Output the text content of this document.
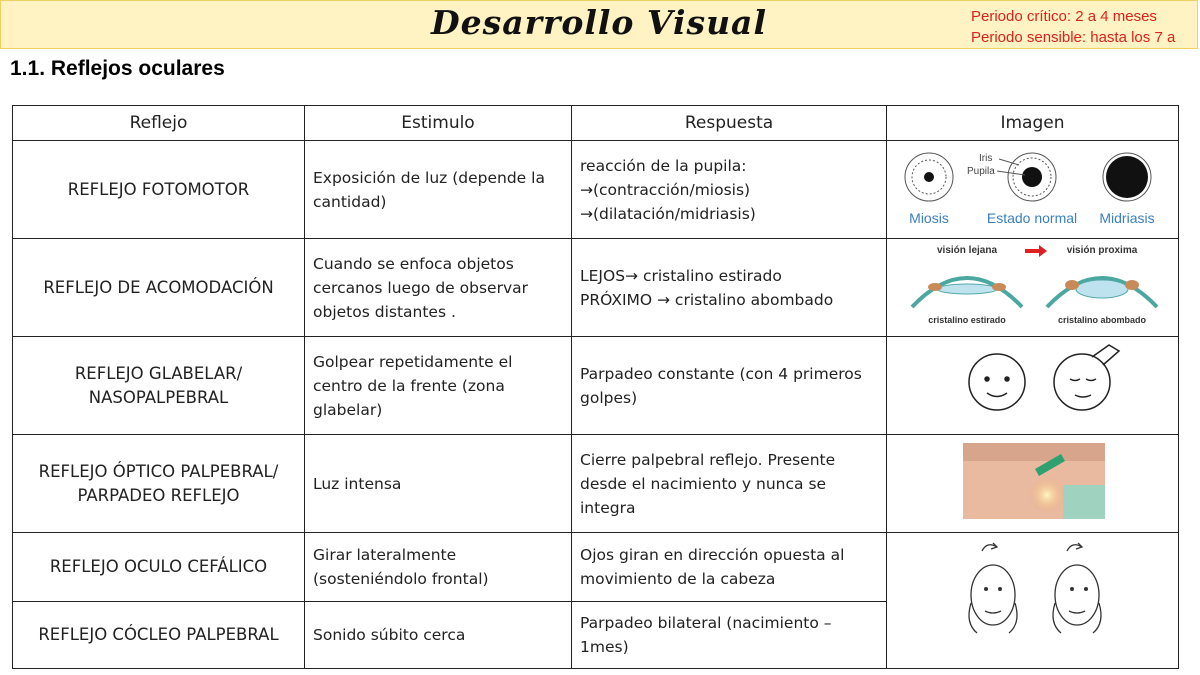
Desarrollo Visual	Periodo crítico: 2 a 4 meses
Periodo sensible: hasta los 7 a
1.1. Reflejos oculares
Reflejo	Estimulo	Respuesta	Imagen
REFLEJO FOTOMOTOR	Exposición de luz (depende la cantidad)	reacción de la pupila:
→(contracción/miosis)
→(dilatación/midriasis)	Iris
Pupila
Miosis Estado normal Midriasis

REFLEJO DE ACOMODACIÓN	Cuando se enfoca objetos cercanos luego de observar objetos distantes .	LEJOS→ cristalino estirado
PRÓXIMO → cristalino abombado	visión lejana visión proxima
cristalino estirado cristalino abombado

REFLEJO GLABELAR/
NASOPALPEBRAL	Golpear repetidamente el centro de la frente (zona glabelar)	Parpadeo constante (con 4 primeros golpes)	
REFLEJO ÓPTICO PALPEBRAL/
PARPADEO REFLEJO	Luz intensa	Cierre palpebral reflejo. Presente desde el nacimiento y nunca se integra	
REFLEJO OCULO CEFÁLICO	Girar lateralmente (sosteniéndolo frontal)	Ojos giran en dirección opuesta al movimiento de la cabeza	
REFLEJO CÓCLEO PALPEBRAL	Sonido súbito cerca	Parpadeo bilateral (nacimiento – 1mes)	
